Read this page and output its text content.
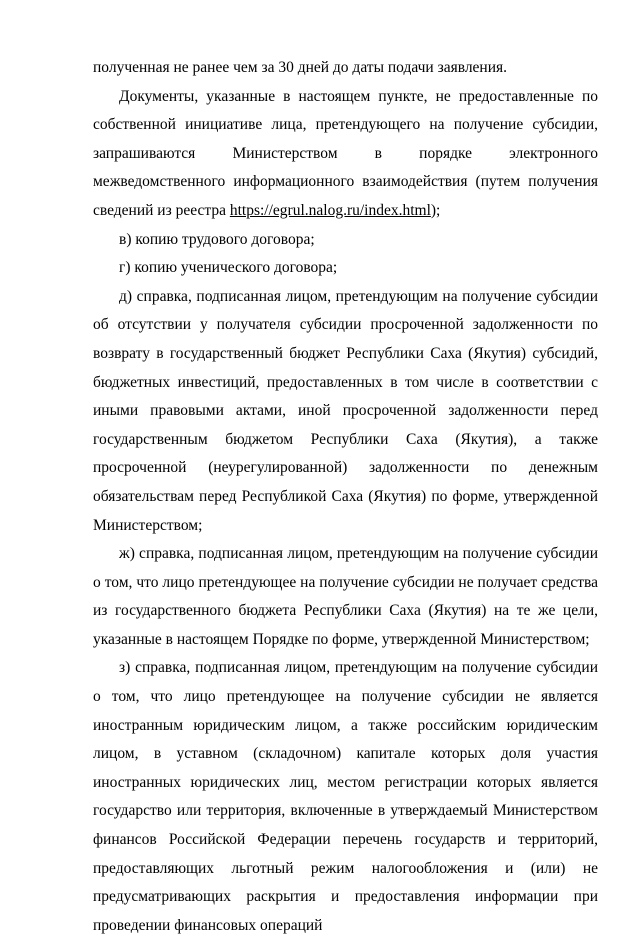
полученная не ранее чем за 30 дней до даты подачи заявления.

Документы, указанные в настоящем пункте, не предоставленные по собственной инициативе лица, претендующего на получение субсидии, запрашиваются Министерством в порядке электронного межведомственного информационного взаимодействия (путем получения сведений из реестра https://egrul.nalog.ru/index.html);

в) копию трудового договора;

г) копию ученического договора;

д) справка, подписанная лицом, претендующим на получение субсидии об отсутствии у получателя субсидии просроченной задолженности по возврату в государственный бюджет Республики Саха (Якутия) субсидий, бюджетных инвестиций, предоставленных в том числе в соответствии с иными правовыми актами, иной просроченной задолженности перед государственным бюджетом Республики Саха (Якутия), а также просроченной (неурегулированной) задолженности по денежным обязательствам перед Республикой Саха (Якутия) по форме, утвержденной Министерством;

ж) справка, подписанная лицом, претендующим на получение субсидии о том, что лицо претендующее на получение субсидии не получает средства из государственного бюджета Республики Саха (Якутия) на те же цели, указанные в настоящем Порядке по форме, утвержденной Министерством;

з) справка, подписанная лицом, претендующим на получение субсидии о том, что лицо претендующее на получение субсидии не является иностранным юридическим лицом, а также российским юридическим лицом, в уставном (складочном) капитале которых доля участия иностранных юридических лиц, местом регистрации которых является государство или территория, включенные в утверждаемый Министерством финансов Российской Федерации перечень государств и территорий, предоставляющих льготный режим налогообложения и (или) не предусматривающих раскрытия и предоставления информации при проведении финансовых операций
